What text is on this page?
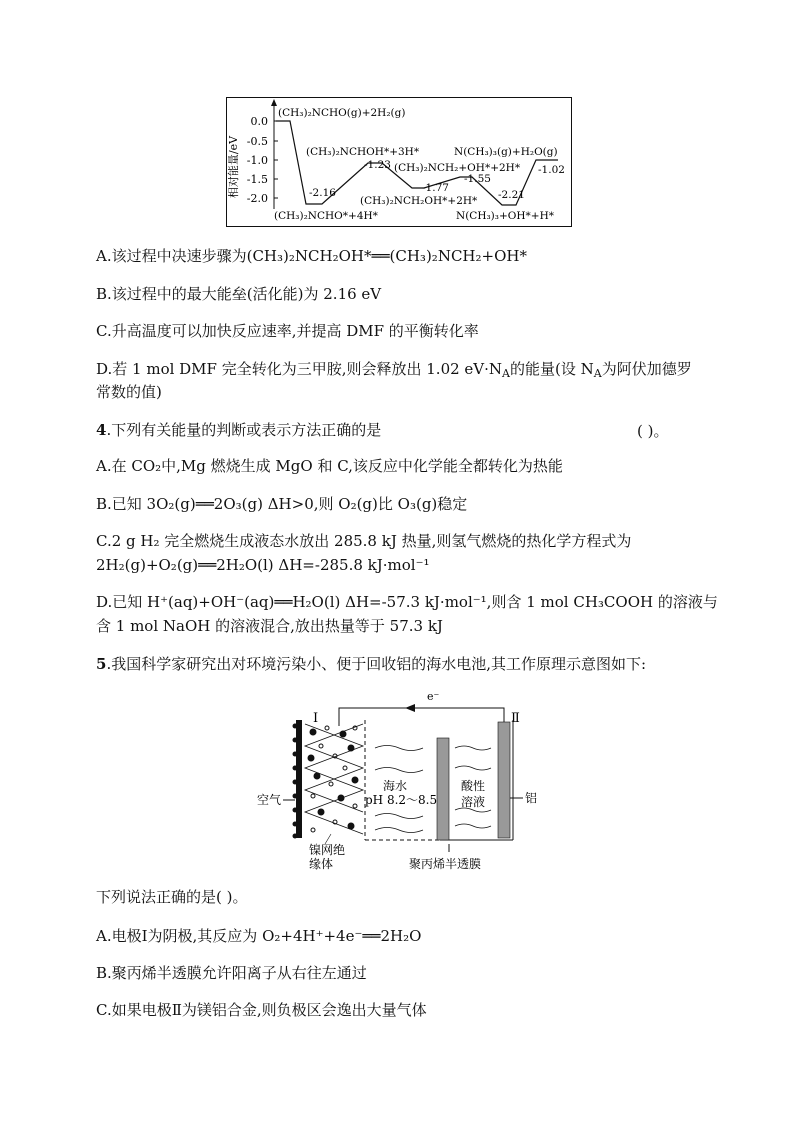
0.0
-0.5
-1.0
-1.5
-2.0
相对能量/eV
(CH₃)₂NCHO(g)+2H₂(g)
-2.16
(CH₃)₂NCHO*+4H*
(CH₃)₂NCHOH*+3H*
-1.23 (CH₃)₂NCH₂+OH*+2H*
-1.77
(CH₃)₂NCH₂OH*+2H*
-1.55
N(CH₃)₃(g)+H₂O(g)
-1.02
-2.21
N(CH₃)₃+OH*+H*
A.该过程中决速步骤为(CH₃)₂NCH₂OH*══(CH₃)₂NCH₂+OH*
B.该过程中的最大能垒(活化能)为 2.16 eV
C.升高温度可以加快反应速率,并提高 DMF 的平衡转化率
D.若 1 mol DMF 完全转化为三甲胺,则会释放出 1.02 $eV\cdot N_A$的能量(设 $N_A$为阿伏加德罗
常数的值)
4.下列有关能量的判断或表示方法正确的是	( )。
A.在 CO₂中,Mg 燃烧生成 MgO 和 C,该反应中化学能全都转化为热能
B.已知 3O₂(g)══2O₃(g) ΔH>0,则 O₂(g)比 O₃(g)稳定
C.2 g H₂ 完全燃烧生成液态水放出 285.8 kJ 热量,则氢气燃烧的热化学方程式为
2H₂(g)+O₂(g)══2H₂O(l) ΔH=-285.8 kJ·mol⁻¹
D.已知 H⁺(aq)+OH⁻(aq)══H₂O(l) ΔH=-57.3 kJ·mol⁻¹,则含 1 mol CH₃COOH 的溶液与
含 1 mol NaOH 的溶液混合,放出热量等于 57.3 kJ
5.我国科学家研究出对环境污染小、便于回收铝的海水电池,其工作原理示意图如下:
e⁻
Ⅰ	Ⅱ
空气
海水
pH 8.2～8.5
酸性
溶液	铝
镍网绝
缘体	聚丙烯半透膜
下列说法正确的是( )。
A.电极Ⅰ为阴极,其反应为 O₂+4H⁺+4e⁻══2H₂O
B.聚丙烯半透膜允许阳离子从右往左通过
C.如果电极Ⅱ为镁铝合金,则负极区会逸出大量气体
